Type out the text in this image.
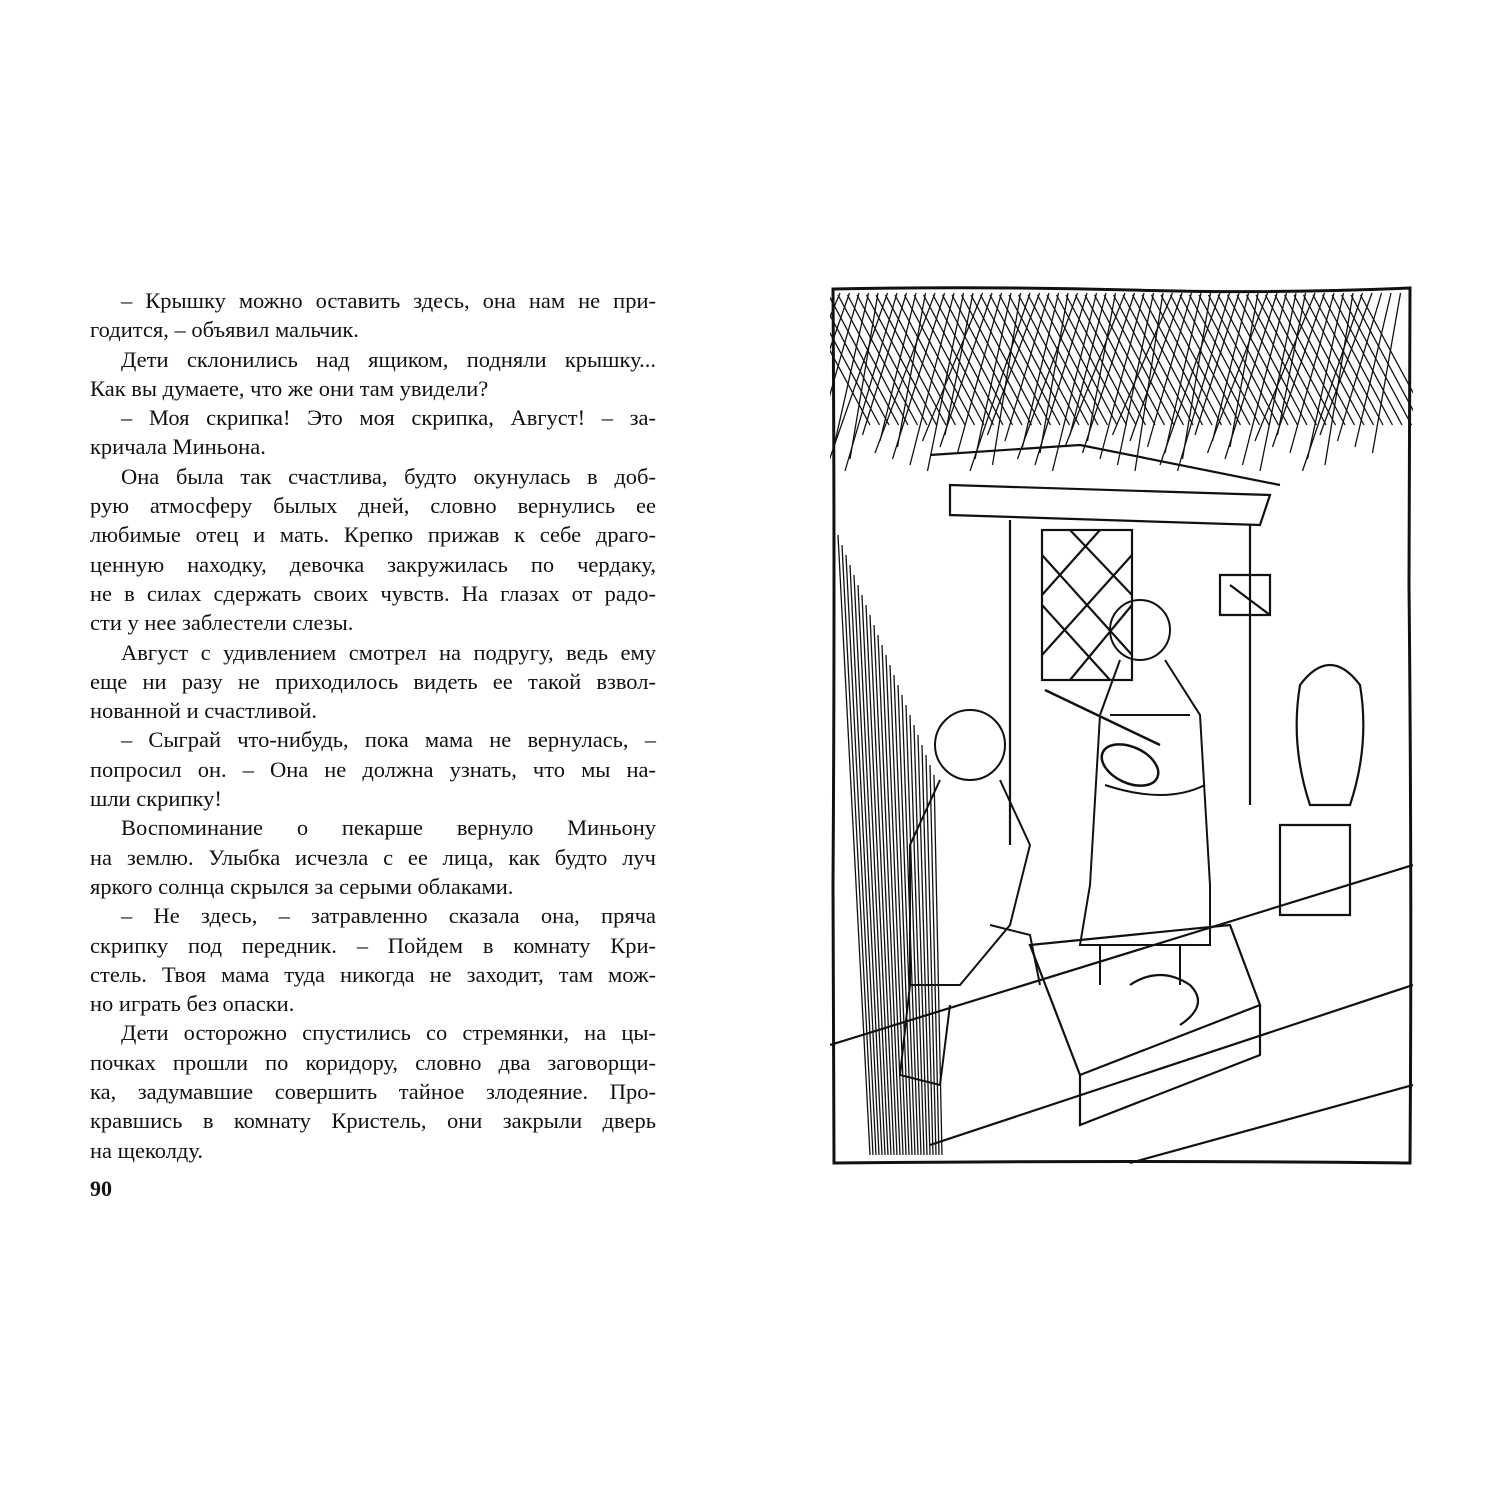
– Крышку можно оставить здесь, она нам не при-
годится, – объявил мальчик.
Дети склонились над ящиком, подняли крышку...
Как вы думаете, что же они там увидели?
– Моя скрипка! Это моя скрипка, Август! – за-
кричала Миньона.
Она была так счастлива, будто окунулась в доб-
рую атмосферу былых дней, словно вернулись ее
любимые отец и мать. Крепко прижав к себе драго-
ценную находку, девочка закружилась по чердаку,
не в силах сдержать своих чувств. На глазах от радо-
сти у нее заблестели слезы.
Август с удивлением смотрел на подругу, ведь ему
еще ни разу не приходилось видеть ее такой взвол-
нованной и счастливой.
– Сыграй что-нибудь, пока мама не вернулась, –
попросил он. – Она не должна узнать, что мы на-
шли скрипку!
Воспоминание о пекарше вернуло Миньону
на землю. Улыбка исчезла с ее лица, как будто луч
яркого солнца скрылся за серыми облаками.
– Не здесь, – затравленно сказала она, пряча
скрипку под передник. – Пойдем в комнату Кри-
стель. Твоя мама туда никогда не заходит, там мож-
но играть без опаски.
Дети осторожно спустились со стремянки, на цы-
почках прошли по коридору, словно два заговорщи-
ка, задумавшие совершить тайное злодеяние. Про-
кравшись в комнату Кристель, они закрыли дверь
на щеколду.
90
